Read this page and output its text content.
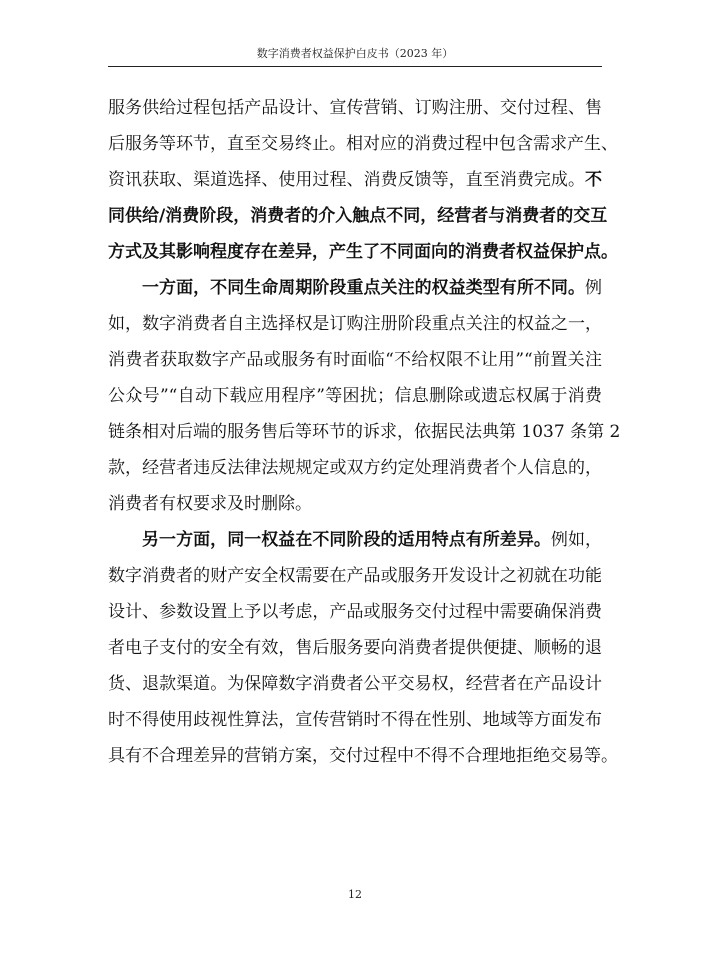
数字消费者权益保护白皮书（2023 年）
服务供给过程包括产品设计、宣传营销、订购注册、交付过程、售
后服务等环节，直至交易终止。相对应的消费过程中包含需求产生、
资讯获取、渠道选择、使用过程、消费反馈等，直至消费完成。不
同供给/消费阶段，消费者的介入触点不同，经营者与消费者的交互
方式及其影响程度存在差异，产生了不同面向的消费者权益保护点。
一方面，不同生命周期阶段重点关注的权益类型有所不同。例
如，数字消费者自主选择权是订购注册阶段重点关注的权益之一，
消费者获取数字产品或服务有时面临“不给权限不让用”“前置关注
公众号”“自动下载应用程序”等困扰；信息删除或遗忘权属于消费
链条相对后端的服务售后等环节的诉求，依据民法典第 1037 条第 2
款，经营者违反法律法规规定或双方约定处理消费者个人信息的，
消费者有权要求及时删除。
另一方面，同一权益在不同阶段的适用特点有所差异。例如，
数字消费者的财产安全权需要在产品或服务开发设计之初就在功能
设计、参数设置上予以考虑，产品或服务交付过程中需要确保消费
者电子支付的安全有效，售后服务要向消费者提供便捷、顺畅的退
货、退款渠道。为保障数字消费者公平交易权，经营者在产品设计
时不得使用歧视性算法，宣传营销时不得在性别、地域等方面发布
具有不合理差异的营销方案，交付过程中不得不合理地拒绝交易等。
12
